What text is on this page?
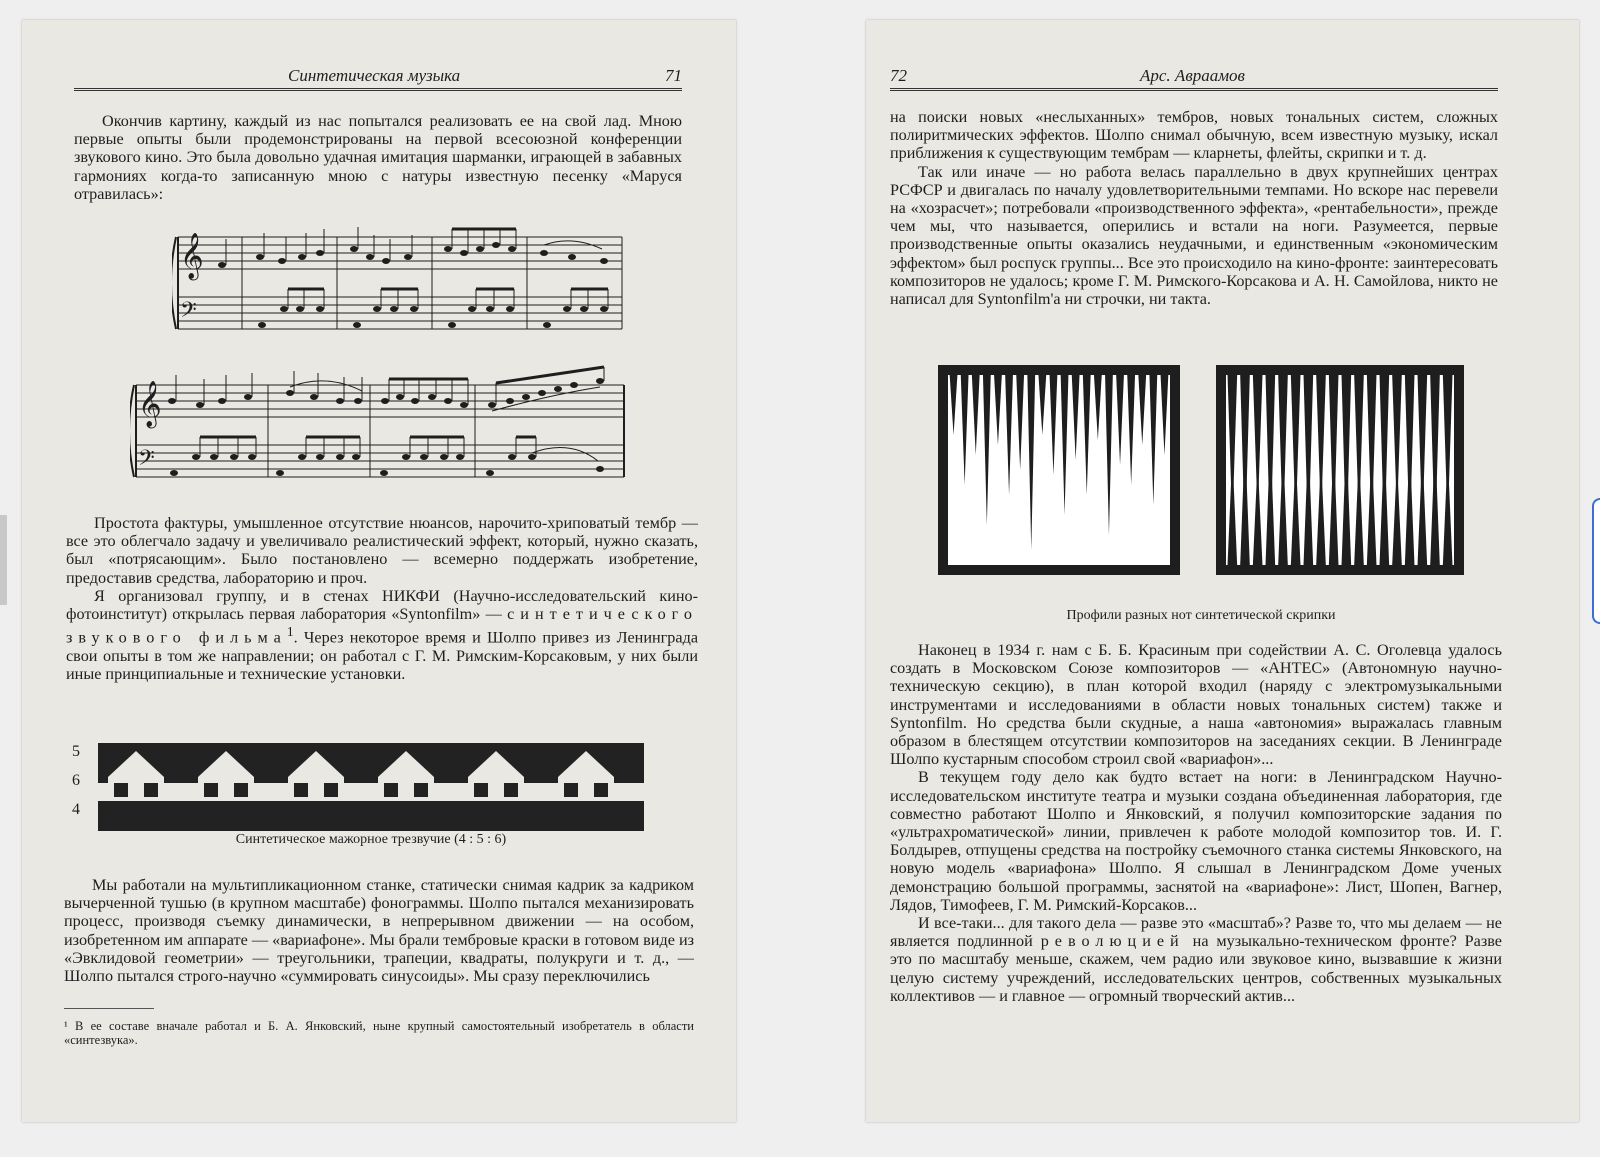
Синтетическая музыка	71

Окончив картину, каждый из нас попытался реализовать ее на свой лад. Мною первые опыты были продемонстрированы на первой всесоюзной конференции звукового кино. Это была довольно удачная имитация шарманки, играющей в забавных гармониях когда-то записанную мною с натуры известную песенку «Маруся отравилась»:

𝄞
𝄢
𝄞
𝄢

Простота фактуры, умышленное отсутствие нюансов, нарочито-хриповатый тембр — все это облегчало задачу и увеличивало реалистический эффект, который, нужно сказать, был «потрясающим». Было постановлено — всемерно поддержать изобретение, предоставив средства, лабораторию и проч.

Я организовал группу, и в стенах НИКФИ (Научно-исследовательский кино-фотоинститут) открылась первая лаборатория «Syntonfilm» — синтетического звукового фильма$^1$. Через некоторое время и Шолпо привез из Ленинграда свои опыты в том же направлении; он работал с Г. М. Римским-Корсаковым, у них были иные принципиальные и технические установки.

5
6
4
Синтетическое мажорное трезвучие (4 : 5 : 6)

Мы работали на мультипликационном станке, статически снимая кадрик за кадриком вычерченной тушью (в крупном масштабе) фонограммы. Шолпо пытался механизировать процесс, производя съемку динамически, в непрерывном движении — на особом, изобретенном им аппарате — «вариафоне». Мы брали тембровые краски в готовом виде из «Эвклидовой геометрии» — треугольники, трапеции, квадраты, полукруги и т. д., — Шолпо пытался строго-научно «суммировать синусоиды». Мы сразу переключились

¹ В ее составе вначале работал и Б. А. Янковский, ныне крупный самостоятельный изобретатель в области «синтезвука».
72	Арс. Авраамов

на поиски новых «неслыханных» тембров, новых тональных систем, сложных полиритмических эффектов. Шолпо снимал обычную, всем известную музыку, искал приближения к существующим тембрам — кларнеты, флейты, скрипки и т. д.

Так или иначе — но работа велась параллельно в двух крупнейших центрах РСФСР и двигалась по началу удовлетворительными темпами. Но вскоре нас перевели на «хозрасчет»; потребовали «производственного эффекта», «рентабельности», прежде чем мы, что называется, оперились и встали на ноги. Разумеется, первые производственные опыты оказались неудачными, и единственным «экономическим эффектом» был роспуск группы... Все это происходило на кино-фронте: заинтересовать композиторов не удалось; кроме Г. М. Римского-Корсакова и А. Н. Самойлова, никто не написал для Syntonfilm'а ни строчки, ни такта.

Профили разных нот синтетической скрипки

Наконец в 1934 г. нам с Б. Б. Красиным при содействии А. С. Оголевца удалось создать в Московском Союзе композиторов — «АНТЕС» (Автономную научно-техническую секцию), в план которой входил (наряду с электромузыкальными инструментами и исследованиями в области новых тональных систем) также и Syntonfilm. Но средства были скудные, а наша «автономия» выражалась главным образом в блестящем отсутствии композиторов на заседаниях секции. В Ленинграде Шолпо кустарным способом строил свой «вариафон»...

В текущем году дело как будто встает на ноги: в Ленинградском Научно-исследовательском институте театра и музыки создана объединенная лаборатория, где совместно работают Шолпо и Янковский, я получил композиторские задания по «ультрахроматической» линии, привлечен к работе молодой композитор тов. И. Г. Болдырев, отпущены средства на постройку съемочного станка системы Янковского, на новую модель «вариафона» Шолпо. Я слышал в Ленинградском Доме ученых демонстрацию большой программы, заснятой на «вариафоне»: Лист, Шопен, Вагнер, Лядов, Тимофеев, Г. М. Римский-Корсаков...

И все-таки... для такого дела — разве это «масштаб»? Разве то, что мы делаем — не является подлинной революцией на музыкально-техническом фронте? Разве это по масштабу меньше, скажем, чем радио или звуковое кино, вызвавшие к жизни целую систему учреждений, исследовательских центров, собственных музыкальных коллективов — и главное — огромный творческий актив...
